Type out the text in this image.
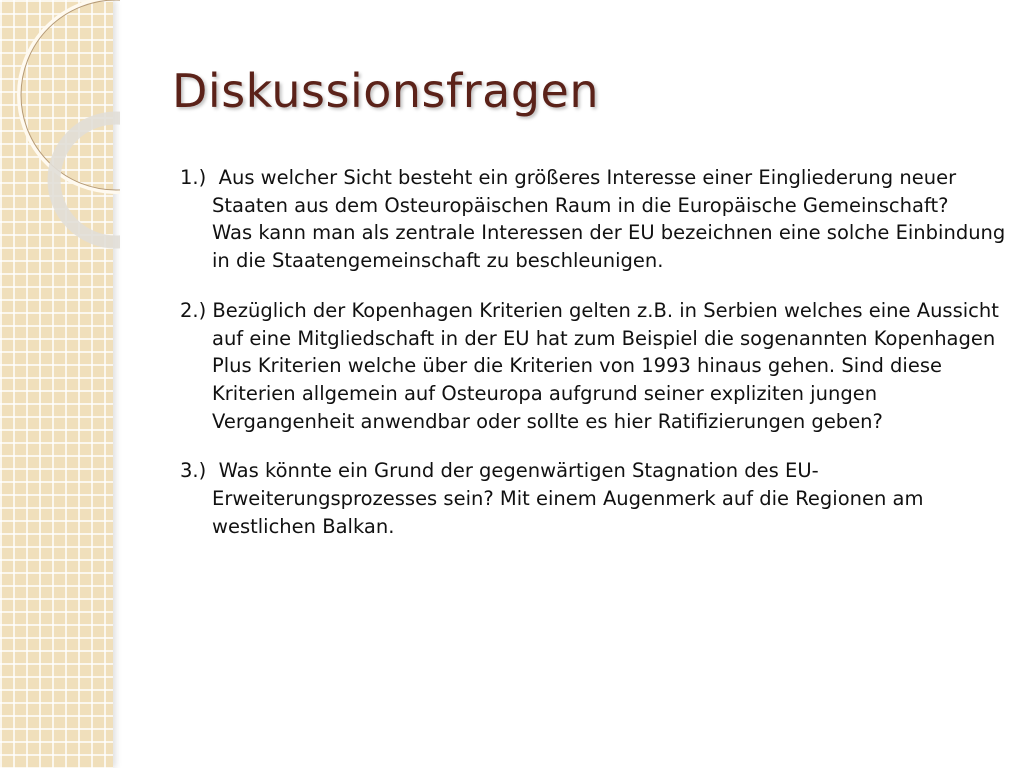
Diskussionsfragen
1.) Aus welcher Sicht besteht ein größeres Interesse einer Eingliederung neuer Staaten aus dem Osteuropäischen Raum in die Europäische Gemeinschaft?
Was kann man als zentrale Interessen der EU bezeichnen eine solche Einbindung in die Staatengemeinschaft zu beschleunigen.
2.) Bezüglich der Kopenhagen Kriterien gelten z.B. in Serbien welches eine Aussicht auf eine Mitgliedschaft in der EU hat zum Beispiel die sogenannten Kopenhagen Plus Kriterien welche über die Kriterien von 1993 hinaus gehen. Sind diese Kriterien allgemein auf Osteuropa aufgrund seiner expliziten jungen Vergangenheit anwendbar oder sollte es hier Ratifizierungen geben?
3.) Was könnte ein Grund der gegenwärtigen Stagnation des EU-Erweiterungsprozesses sein? Mit einem Augenmerk auf die Regionen am westlichen Balkan.
